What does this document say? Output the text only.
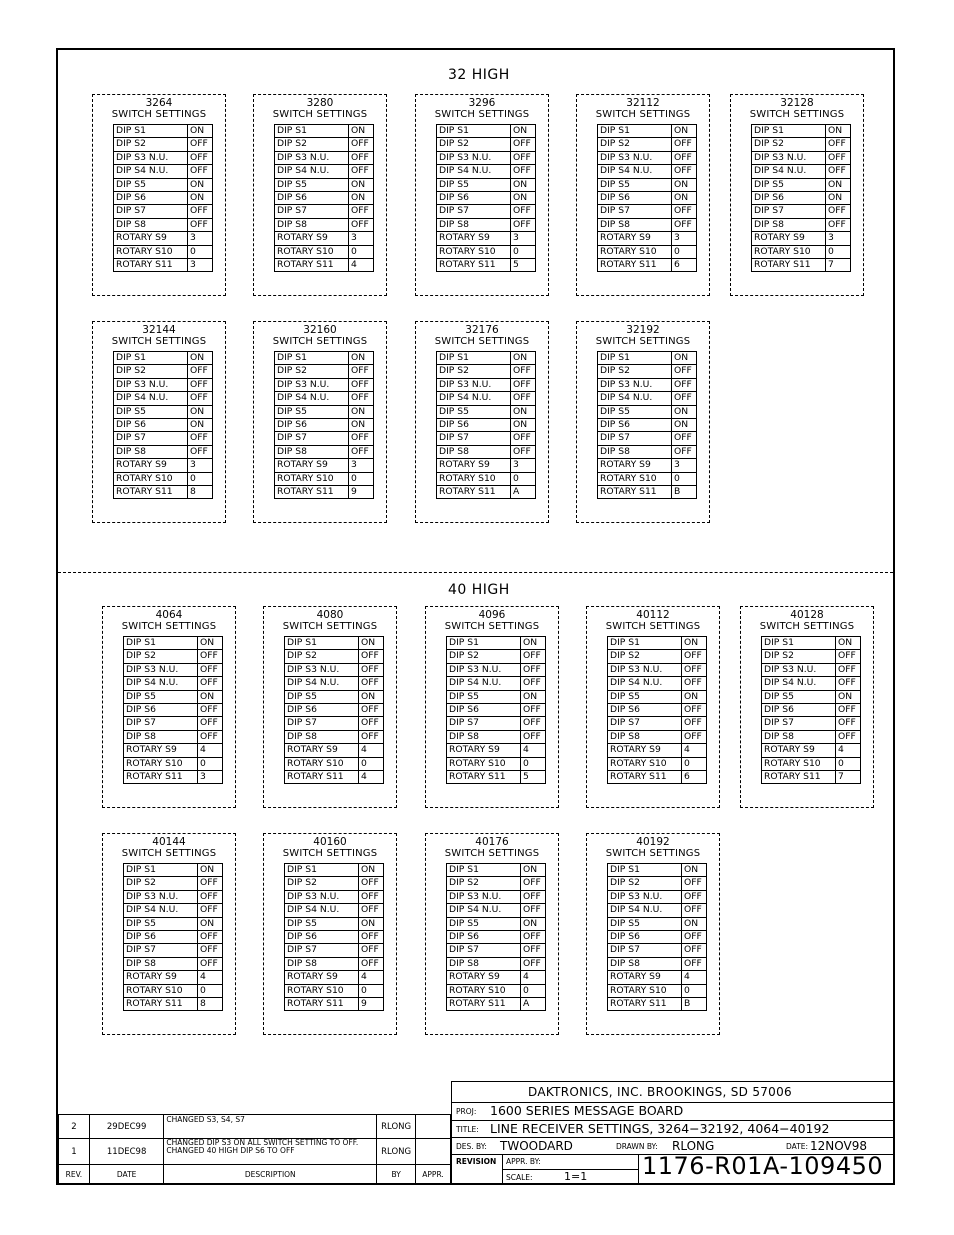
32 HIGH
40 HIGH
3264
SWITCH SETTINGS
DIP S1	ON
DIP S2	OFF
DIP S3 N.U.	OFF
DIP S4 N.U.	OFF
DIP S5	ON
DIP S6	ON
DIP S7	OFF
DIP S8	OFF
ROTARY S9	3
ROTARY S10	0
ROTARY S11	3
3280
SWITCH SETTINGS
DIP S1	ON
DIP S2	OFF
DIP S3 N.U.	OFF
DIP S4 N.U.	OFF
DIP S5	ON
DIP S6	ON
DIP S7	OFF
DIP S8	OFF
ROTARY S9	3
ROTARY S10	0
ROTARY S11	4
3296
SWITCH SETTINGS
DIP S1	ON
DIP S2	OFF
DIP S3 N.U.	OFF
DIP S4 N.U.	OFF
DIP S5	ON
DIP S6	ON
DIP S7	OFF
DIP S8	OFF
ROTARY S9	3
ROTARY S10	0
ROTARY S11	5
32112
SWITCH SETTINGS
DIP S1	ON
DIP S2	OFF
DIP S3 N.U.	OFF
DIP S4 N.U.	OFF
DIP S5	ON
DIP S6	ON
DIP S7	OFF
DIP S8	OFF
ROTARY S9	3
ROTARY S10	0
ROTARY S11	6
32128
SWITCH SETTINGS
DIP S1	ON
DIP S2	OFF
DIP S3 N.U.	OFF
DIP S4 N.U.	OFF
DIP S5	ON
DIP S6	ON
DIP S7	OFF
DIP S8	OFF
ROTARY S9	3
ROTARY S10	0
ROTARY S11	7
32144
SWITCH SETTINGS
DIP S1	ON
DIP S2	OFF
DIP S3 N.U.	OFF
DIP S4 N.U.	OFF
DIP S5	ON
DIP S6	ON
DIP S7	OFF
DIP S8	OFF
ROTARY S9	3
ROTARY S10	0
ROTARY S11	8
32160
SWITCH SETTINGS
DIP S1	ON
DIP S2	OFF
DIP S3 N.U.	OFF
DIP S4 N.U.	OFF
DIP S5	ON
DIP S6	ON
DIP S7	OFF
DIP S8	OFF
ROTARY S9	3
ROTARY S10	0
ROTARY S11	9
32176
SWITCH SETTINGS
DIP S1	ON
DIP S2	OFF
DIP S3 N.U.	OFF
DIP S4 N.U.	OFF
DIP S5	ON
DIP S6	ON
DIP S7	OFF
DIP S8	OFF
ROTARY S9	3
ROTARY S10	0
ROTARY S11	A
32192
SWITCH SETTINGS
DIP S1	ON
DIP S2	OFF
DIP S3 N.U.	OFF
DIP S4 N.U.	OFF
DIP S5	ON
DIP S6	ON
DIP S7	OFF
DIP S8	OFF
ROTARY S9	3
ROTARY S10	0
ROTARY S11	B
4064
SWITCH SETTINGS
DIP S1	ON
DIP S2	OFF
DIP S3 N.U.	OFF
DIP S4 N.U.	OFF
DIP S5	ON
DIP S6	OFF
DIP S7	OFF
DIP S8	OFF
ROTARY S9	4
ROTARY S10	0
ROTARY S11	3
4080
SWITCH SETTINGS
DIP S1	ON
DIP S2	OFF
DIP S3 N.U.	OFF
DIP S4 N.U.	OFF
DIP S5	ON
DIP S6	OFF
DIP S7	OFF
DIP S8	OFF
ROTARY S9	4
ROTARY S10	0
ROTARY S11	4
4096
SWITCH SETTINGS
DIP S1	ON
DIP S2	OFF
DIP S3 N.U.	OFF
DIP S4 N.U.	OFF
DIP S5	ON
DIP S6	OFF
DIP S7	OFF
DIP S8	OFF
ROTARY S9	4
ROTARY S10	0
ROTARY S11	5
40112
SWITCH SETTINGS
DIP S1	ON
DIP S2	OFF
DIP S3 N.U.	OFF
DIP S4 N.U.	OFF
DIP S5	ON
DIP S6	OFF
DIP S7	OFF
DIP S8	OFF
ROTARY S9	4
ROTARY S10	0
ROTARY S11	6
40128
SWITCH SETTINGS
DIP S1	ON
DIP S2	OFF
DIP S3 N.U.	OFF
DIP S4 N.U.	OFF
DIP S5	ON
DIP S6	OFF
DIP S7	OFF
DIP S8	OFF
ROTARY S9	4
ROTARY S10	0
ROTARY S11	7
40144
SWITCH SETTINGS
DIP S1	ON
DIP S2	OFF
DIP S3 N.U.	OFF
DIP S4 N.U.	OFF
DIP S5	ON
DIP S6	OFF
DIP S7	OFF
DIP S8	OFF
ROTARY S9	4
ROTARY S10	0
ROTARY S11	8
40160
SWITCH SETTINGS
DIP S1	ON
DIP S2	OFF
DIP S3 N.U.	OFF
DIP S4 N.U.	OFF
DIP S5	ON
DIP S6	OFF
DIP S7	OFF
DIP S8	OFF
ROTARY S9	4
ROTARY S10	0
ROTARY S11	9
40176
SWITCH SETTINGS
DIP S1	ON
DIP S2	OFF
DIP S3 N.U.	OFF
DIP S4 N.U.	OFF
DIP S5	ON
DIP S6	OFF
DIP S7	OFF
DIP S8	OFF
ROTARY S9	4
ROTARY S10	0
ROTARY S11	A
40192
SWITCH SETTINGS
DIP S1	ON
DIP S2	OFF
DIP S3 N.U.	OFF
DIP S4 N.U.	OFF
DIP S5	ON
DIP S6	OFF
DIP S7	OFF
DIP S8	OFF
ROTARY S9	4
ROTARY S10	0
ROTARY S11	B
2	29DEC99	CHANGED S3, S4, S7	RLONG	
1	11DEC98	CHANGED DIP S3 ON ALL SWITCH SETTING TO OFF. CHANGED 40 HIGH DIP S6 TO OFF	RLONG	
REV.	DATE	DESCRIPTION	BY	APPR.
DAKTRONICS, INC. BROOKINGS, SD 57006
PROJ: 1600 SERIES MESSAGE BOARD
TITLE: LINE RECEIVER SETTINGS, 3264−32192, 4064−40192
DES. BY: TWOODARD	DRAWN BY: RLONG	DATE: 12NOV98
REVISION APPR. BY:
SCALE:	1=1 1176-R01A-109450
